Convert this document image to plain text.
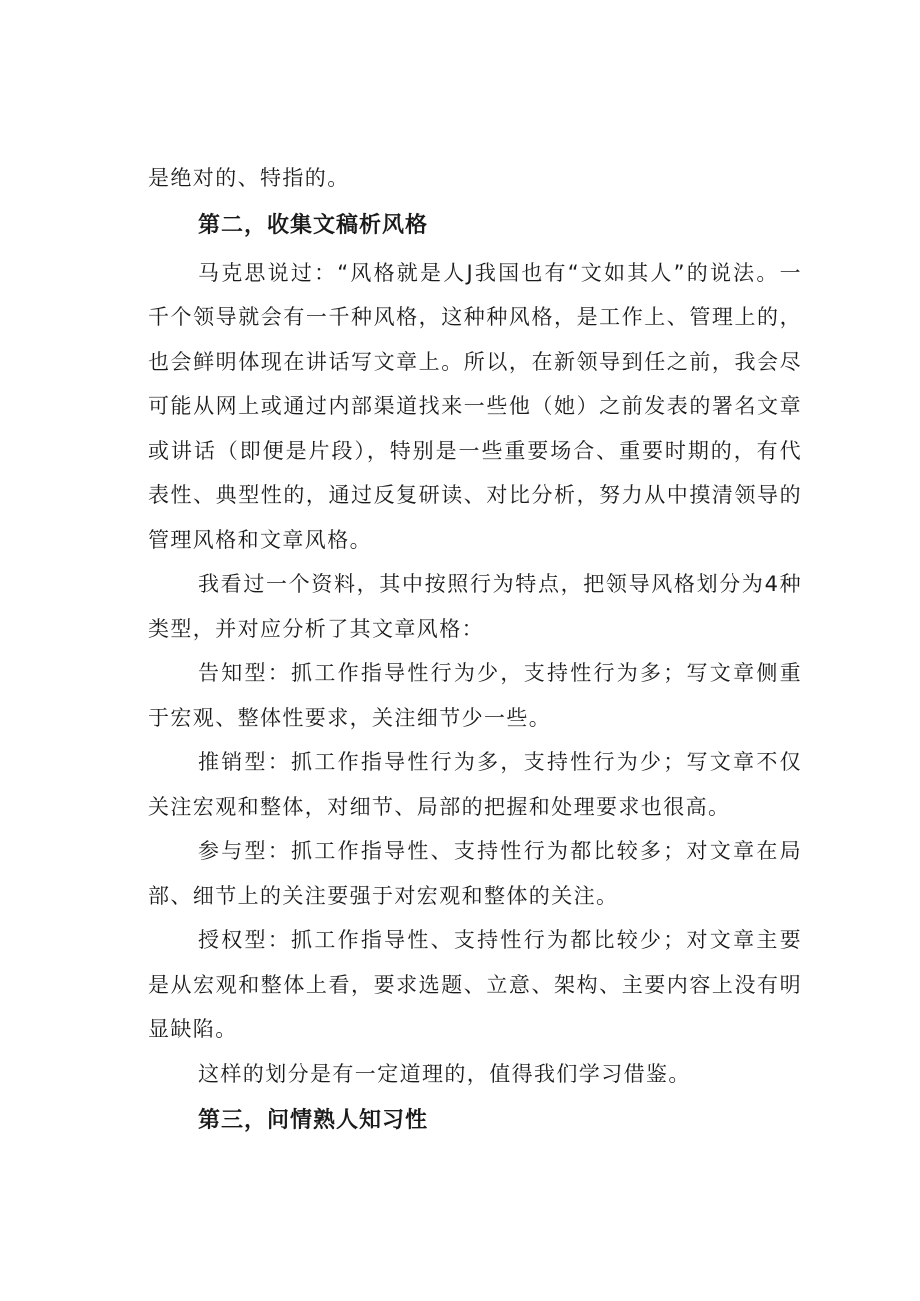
是绝对的、特指的。

第二，收集文稿析风格

马克思说过：“风格就是人J我国也有“文如其人”的说法。一千个领导就会有一千种风格，这种种风格，是工作上、管理上的，也会鲜明体现在讲话写文章上。所以，在新领导到任之前，我会尽可能从网上或通过内部渠道找来一些他（她）之前发表的署名文章或讲话（即便是片段），特别是一些重要场合、重要时期的，有代表性、典型性的，通过反复研读、对比分析，努力从中摸清领导的管理风格和文章风格。

我看过一个资料，其中按照行为特点，把领导风格划分为4种类型，并对应分析了其文章风格：

告知型：抓工作指导性行为少，支持性行为多；写文章侧重于宏观、整体性要求，关注细节少一些。

推销型：抓工作指导性行为多，支持性行为少；写文章不仅关注宏观和整体，对细节、局部的把握和处理要求也很高。

参与型：抓工作指导性、支持性行为都比较多；对文章在局部、细节上的关注要强于对宏观和整体的关注。

授权型：抓工作指导性、支持性行为都比较少；对文章主要是从宏观和整体上看，要求选题、立意、架构、主要内容上没有明显缺陷。

这样的划分是有一定道理的，值得我们学习借鉴。

第三，问情熟人知习性
